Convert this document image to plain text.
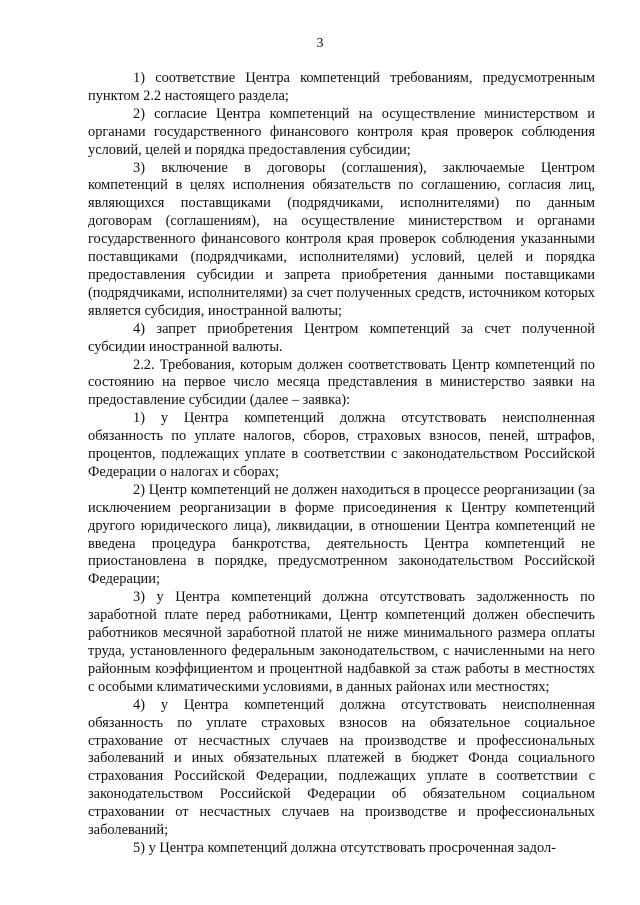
3

1) соответствие Центра компетенций требованиям, предусмотренным пунктом 2.2 настоящего раздела;

2) согласие Центра компетенций на осуществление министерством и органами государственного финансового контроля края проверок соблюдения условий, целей и порядка предоставления субсидии;

3) включение в договоры (соглашения), заключаемые Центром компетенций в целях исполнения обязательств по соглашению, согласия лиц, являющихся поставщиками (подрядчиками, исполнителями) по данным договорам (соглашениям), на осуществление министерством и органами государственного финансового контроля края проверок соблюдения указанными поставщиками (подрядчиками, исполнителями) условий, целей и порядка предоставления субсидии и запрета приобретения данными поставщиками (подрядчиками, исполнителями) за счет полученных средств, источником которых является субсидия, иностранной валюты;

4) запрет приобретения Центром компетенций за счет полученной субсидии иностранной валюты.

2.2. Требования, которым должен соответствовать Центр компетенций по состоянию на первое число месяца представления в министерство заявки на предоставление субсидии (далее – заявка):

1) у Центра компетенций должна отсутствовать неисполненная обязанность по уплате налогов, сборов, страховых взносов, пеней, штрафов, процентов, подлежащих уплате в соответствии с законодательством Российской Федерации о налогах и сборах;

2) Центр компетенций не должен находиться в процессе реорганизации (за исключением реорганизации в форме присоединения к Центру компетенций другого юридического лица), ликвидации, в отношении Центра компетенций не введена процедура банкротства, деятельность Центра компетенций не приостановлена в порядке, предусмотренном законодательством Российской Федерации;

3) у Центра компетенций должна отсутствовать задолженность по заработной плате перед работниками, Центр компетенций должен обеспечить работников месячной заработной платой не ниже минимального размера оплаты труда, установленного федеральным законодательством, с начисленными на него районным коэффициентом и процентной надбавкой за стаж работы в местностях с особыми климатическими условиями, в данных районах или местностях;

4) у Центра компетенций должна отсутствовать неисполненная обязанность по уплате страховых взносов на обязательное социальное страхование от несчастных случаев на производстве и профессиональных заболеваний и иных обязательных платежей в бюджет Фонда социального страхования Российской Федерации, подлежащих уплате в соответствии с законодательством Российской Федерации об обязательном социальном страховании от несчастных случаев на производстве и профессиональных заболеваний;

5) у Центра компетенций должна отсутствовать просроченная задол-
